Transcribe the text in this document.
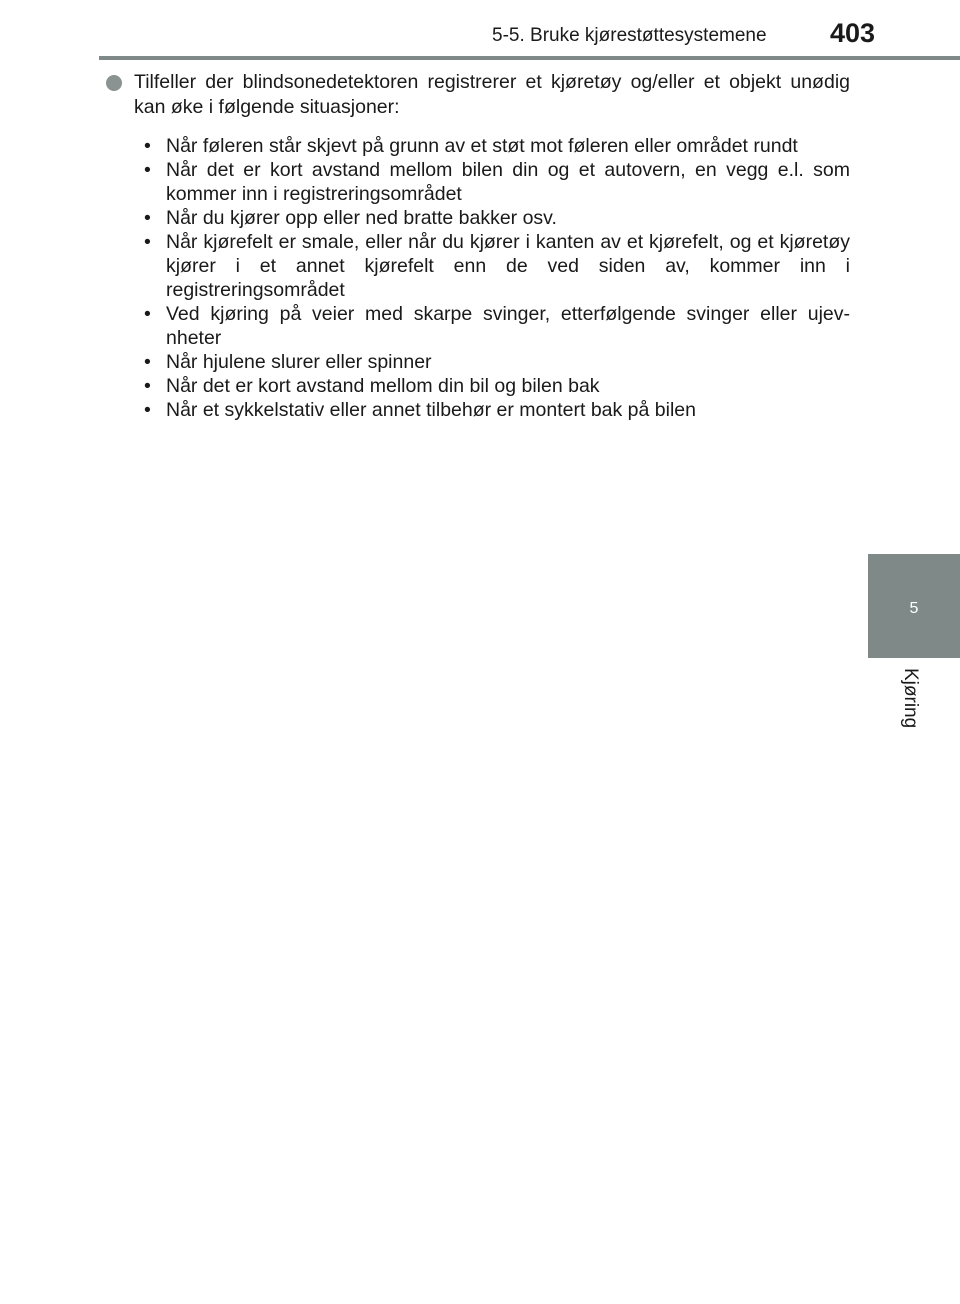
5-5. Bruke kjørestøttesystemene	403
5
Kjøring

Tilfeller der blindsonedetektoren registrerer et kjøretøy og/eller et objekt unødig kan øke i følgende situasjoner:

• Når føleren står skjevt på grunn av et støt mot føleren eller området rundt
• Når det er kort avstand mellom bilen din og et autovern, en vegg e.l. som kommer inn i registreringsområdet
• Når du kjører opp eller ned bratte bakker osv.
• Når kjørefelt er smale, eller når du kjører i kanten av et kjørefelt, og et kjøretøy kjører i et annet kjørefelt enn de ved siden av, kommer inn i registreringsområdet
• Ved kjøring på veier med skarpe svinger, etterfølgende svinger eller ujev-nheter
• Når hjulene slurer eller spinner
• Når det er kort avstand mellom din bil og bilen bak
• Når et sykkelstativ eller annet tilbehør er montert bak på bilen
